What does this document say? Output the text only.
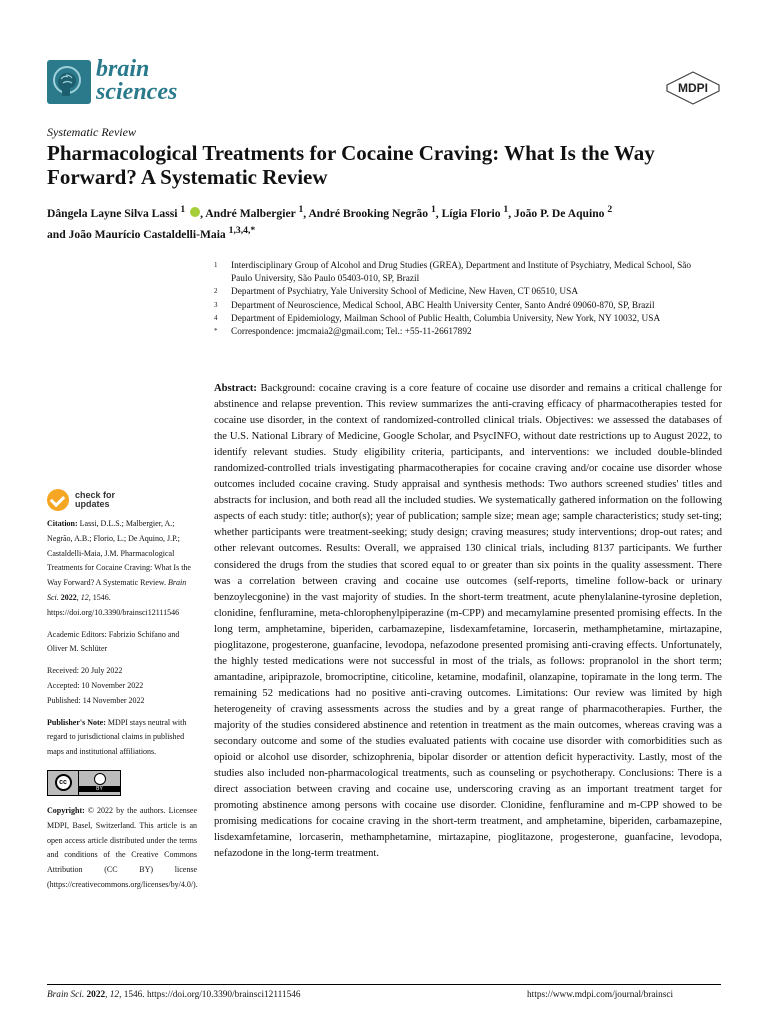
brain
sciences	MDPI
Systematic Review
Pharmacological Treatments for Cocaine Craving: What Is the Way Forward? A Systematic Review
Dângela Layne Silva Lassi $^1$ , André Malbergier $^1$, André Brooking Negrão $^1$, Lígia Florio $^1$, João P. De Aquino $^2$
and João Maurício Castaldelli-Maia $^{1,3,4,*}$
1	Interdisciplinary Group of Alcohol and Drug Studies (GREA), Department and Institute of Psychiatry, Medical School, São Paulo University, São Paulo 05403-010, SP, Brazil
2	Department of Psychiatry, Yale University School of Medicine, New Haven, CT 06510, USA
3	Department of Neuroscience, Medical School, ABC Health University Center, Santo André 09060-870, SP, Brazil
4	Department of Epidemiology, Mailman School of Public Health, Columbia University, New York, NY 10032, USA
*	Correspondence: jmcmaia2@gmail.com; Tel.: +55-11-26617892
Abstract: Background: cocaine craving is a core feature of cocaine use disorder and remains a critical challenge for abstinence and relapse prevention. This review summarizes the anti-craving efficacy of pharmacotherapies tested for cocaine use disorder, in the context of randomized-controlled clinical trials. Objectives: we assessed the databases of the U.S. National Library of Medicine, Google Scholar, and PsycINFO, without date restrictions up to August 2022, to identify relevant studies. Study eligibility criteria, participants, and interventions: we included double-blinded randomized-controlled trials investigating pharmacotherapies for cocaine craving and/or cocaine use disorder whose outcomes included cocaine craving. Study appraisal and synthesis methods: Two authors screened studies' titles and abstracts for inclusion, and both read all the included studies. We systematically gathered information on the following aspects of each study: title; author(s); year of publication; sample size; mean age; sample characteristics; study set-ting; whether participants were treatment-seeking; study design; craving measures; study interventions; drop-out rates; and other relevant outcomes. Results: Overall, we appraised 130 clinical trials, including 8137 participants. We further considered the drugs from the studies that scored equal to or greater than six points in the quality assessment. There was a correlation between craving and cocaine use outcomes (self-reports, timeline follow-back or urinary benzoylecgonine) in the vast majority of studies. In the short-term treatment, acute phenylalanine-tyrosine depletion, clonidine, fenfluramine, meta-chlorophenylpiperazine (m-CPP) and mecamylamine presented promising effects. In the long term, amphetamine, biperiden, carbamazepine, lisdexamfetamine, lorcaserin, methamphetamine, mirtazapine, pioglitazone, progesterone, guanfacine, levodopa, nefazodone presented promising anti-craving effects. Unfortunately, the highly tested medications were not successful in most of the trials, as follows: propranolol in the short term; amantadine, aripiprazole, bromocriptine, citicoline, ketamine, modafinil, olanzapine, topiramate in the long term. The remaining 52 medications had no positive anti-craving outcomes. Limitations: Our review was limited by high heterogeneity of craving assessments across the studies and by a great range of pharmacotherapies. Further, the majority of the studies considered abstinence and retention in treatment as the main outcomes, whereas craving was a secondary outcome and some of the studies evaluated patients with cocaine use disorder with comorbidities such as opioid or alcohol use disorder, schizophrenia, bipolar disorder or attention deficit hyperactivity. Lastly, most of the studies also included non-pharmacological treatments, such as counseling or psychotherapy. Conclusions: There is a direct association between craving and cocaine use, underscoring craving as an important treatment target for promoting abstinence among persons with cocaine use disorder. Clonidine, fenfluramine and m-CPP showed to be promising medications for cocaine craving in the short-term treatment, and amphetamine, biperiden, carbamazepine, lisdexamfetamine, lorcaserin, methamphetamine, mirtazapine, pioglitazone, progesterone, guanfacine, levodopa, nefazodone in the long-term treatment.
check for
updates
Citation: Lassi, D.L.S.; Malbergier, A.; Negrão, A.B.; Florio, L.; De Aquino, J.P.; Castaldelli-Maia, J.M. Pharmacological Treatments for Cocaine Craving: What Is the Way Forward? A Systematic Review. Brain Sci. 2022, 12, 1546. https://doi.org/10.3390/brainsci12111546
Academic Editors: Fabrizio Schifano and Oliver M. Schlüter
Received: 20 July 2022
Accepted: 10 November 2022
Published: 14 November 2022
Publisher's Note: MDPI stays neutral with regard to jurisdictional claims in published maps and institutional affiliations.
cc
BY
Copyright: © 2022 by the authors. Licensee MDPI, Basel, Switzerland. This article is an open access article distributed under the terms and conditions of the Creative Commons Attribution (CC BY) license (https://creativecommons.org/licenses/by/4.0/).
Brain Sci. 2022, 12, 1546. https://doi.org/10.3390/brainsci12111546	https://www.mdpi.com/journal/brainsci
